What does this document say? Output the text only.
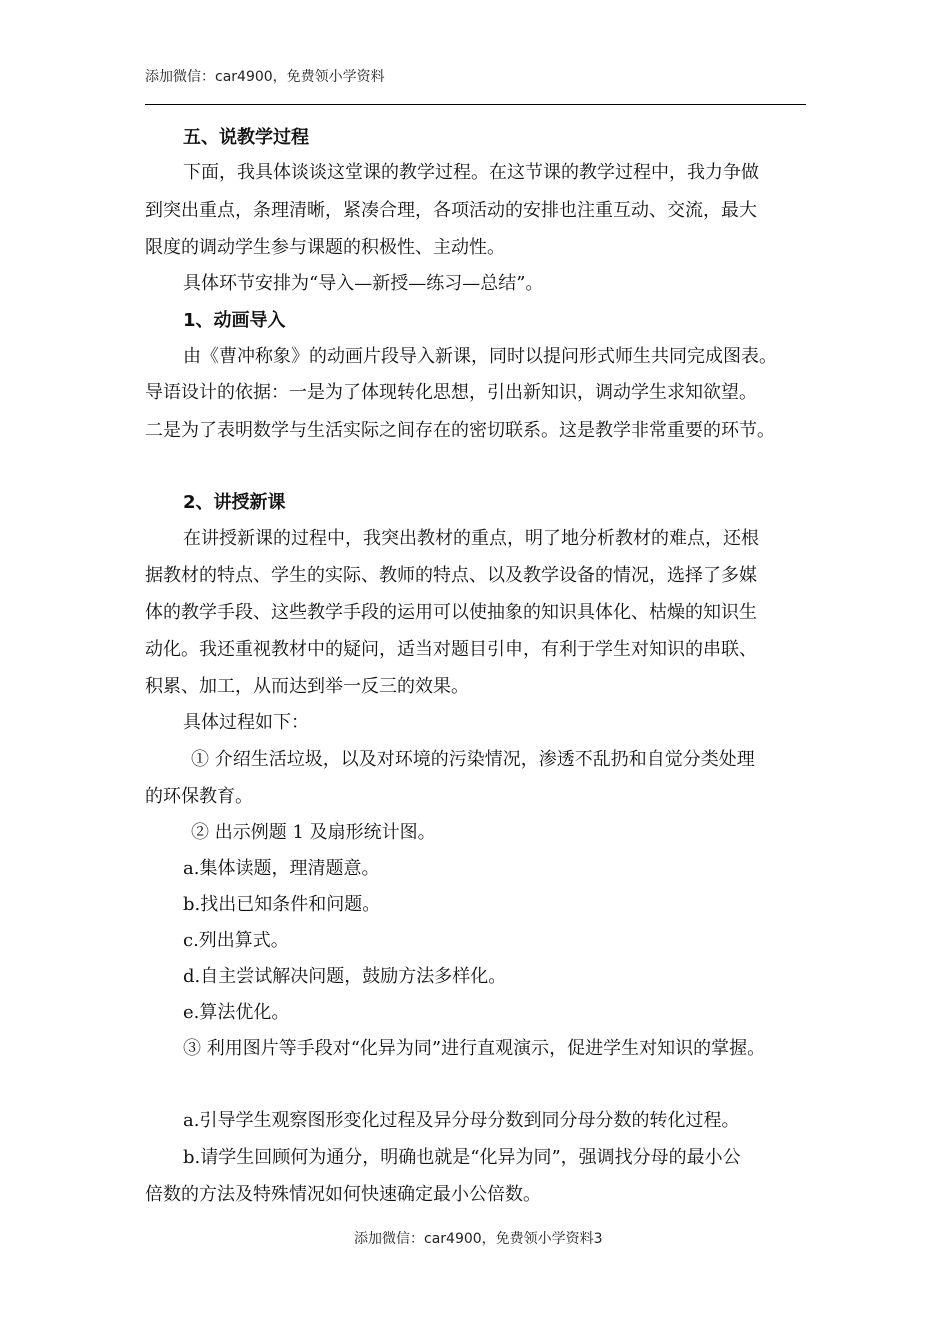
添加微信：car4900，免费领小学资料
五、说教学过程
下面，我具体谈谈这堂课的教学过程。在这节课的教学过程中，我力争做
到突出重点，条理清晰，紧凑合理，各项活动的安排也注重互动、交流，最大
限度的调动学生参与课题的积极性、主动性。
具体环节安排为“导入—新授—练习—总结”。
1、动画导入
由《曹冲称象》的动画片段导入新课，同时以提问形式师生共同完成图表。
导语设计的依据：一是为了体现转化思想，引出新知识，调动学生求知欲望。
二是为了表明数学与生活实际之间存在的密切联系。这是教学非常重要的环节。
2、讲授新课
在讲授新课的过程中，我突出教材的重点，明了地分析教材的难点，还根
据教材的特点、学生的实际、教师的特点、以及教学设备的情况，选择了多媒
体的教学手段、这些教学手段的运用可以使抽象的知识具体化、枯燥的知识生
动化。我还重视教材中的疑问，适当对题目引申，有利于学生对知识的串联、
积累、加工，从而达到举一反三的效果。
具体过程如下：
① 介绍生活垃圾，以及对环境的污染情况，渗透不乱扔和自觉分类处理
的环保教育。
② 出示例题 1 及扇形统计图。
a.集体读题，理清题意。
b.找出已知条件和问题。
c.列出算式。
d.自主尝试解决问题，鼓励方法多样化。
e.算法优化。
③ 利用图片等手段对“化异为同”进行直观演示，促进学生对知识的掌握。
a.引导学生观察图形变化过程及异分母分数到同分母分数的转化过程。
b.请学生回顾何为通分，明确也就是“化异为同”，强调找分母的最小公
倍数的方法及特殊情况如何快速确定最小公倍数。
添加微信：car4900，免费领小学资料3
